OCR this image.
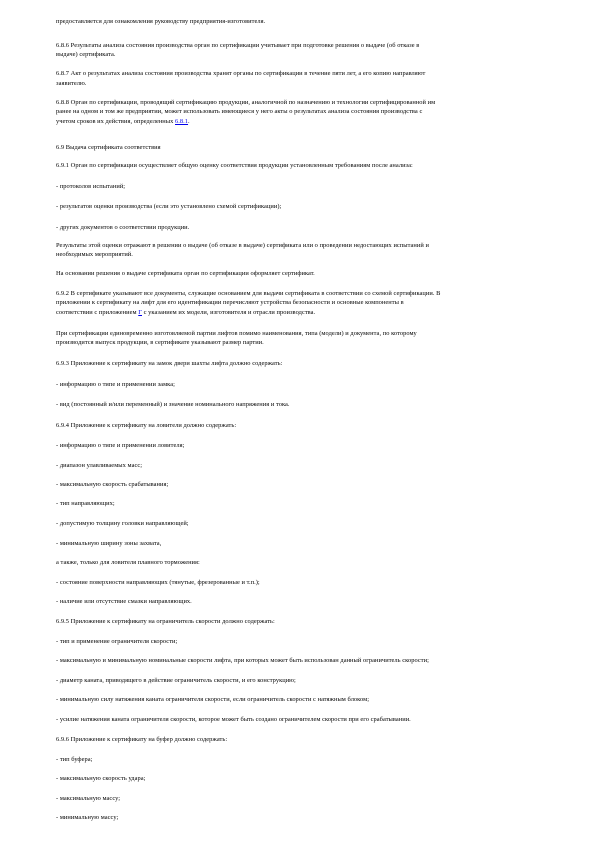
предоставляется для ознакомления руководству предприятия-изготовителя.
6.8.6 Результаты анализа состояния производства орган по сертификации учитывает при подготовке решения о выдаче (об отказе в
выдаче) сертификата.
6.8.7 Акт о результатах анализа состояния производства хранят органы по сертификации в течение пяти лет, а его копию направляют
заявителю.
6.8.8 Орган по сертификации, проводящий сертификацию продукции, аналогичной по назначению и технологии сертифицированной им
ранее на одном и том же предприятии, может использовать имеющиеся у него акты о результатах анализа состояния производства с
учетом сроков их действия, определенных 6.8.1.
6.9 Выдача сертификата соответствия
6.9.1 Орган по сертификации осуществляет общую оценку соответствия продукции установленным требованиям после анализа:
- протоколов испытаний;
- результатов оценки производства (если это установлено схемой сертификации);
- других документов о соответствии продукции.
Результаты этой оценки отражают в решении о выдаче (об отказе в выдаче) сертификата или о проведении недостающих испытаний и
необходимых мероприятий.
На основании решения о выдаче сертификата орган по сертификации оформляет сертификат.
6.9.2 В сертификате указывают все документы, служащие основанием для выдачи сертификата в соответствии со схемой сертификации. В
приложении к сертификату на лифт для его идентификации перечисляют устройства безопасности и основные компоненты в
соответствии с приложением Г с указанием их модели, изготовителя и отрасли производства.
При сертификации единовременно изготовляемой партии лифтов помимо наименования, типа (модели) и документа, по которому
производится выпуск продукции, в сертификате указывают размер партии.
6.9.3 Приложение к сертификату на замок двери шахты лифта должно содержать:
- информацию о типе и применении замка;
- вид (постоянный и/или переменный) и значение номинального напряжения и тока.
6.9.4 Приложение к сертификату на ловители должно содержать:
- информацию о типе и применении ловителя;
- диапазон улавливаемых масс;
- максимальную скорость срабатывания;
- тип направляющих;
- допустимую толщину головки направляющей;
- минимальную ширину зоны захвата,
а также, только для ловителя плавного торможения:
- состояние поверхности направляющих (тянутые, фрезерованные и т.п.);
- наличие или отсутствие смазки направляющих.
6.9.5 Приложение к сертификату на ограничитель скорости должно содержать:
- тип и применение ограничителя скорости;
- максимальную и минимальную номинальные скорости лифта, при которых может быть использован данный ограничитель скорости;
- диаметр каната, приводящего в действие ограничитель скорости, и его конструкцию;
- минимальную силу натяжения каната ограничителя скорости, если ограничитель скорости с натяжным блоком;
- усилие натяжения каната ограничителя скорости, которое может быть создано ограничителем скорости при его срабатывании.
6.9.6 Приложение к сертификату на буфер должно содержать:
- тип буфера;
- максимальную скорость удара;
- максимальную массу;
- минимальную массу;
